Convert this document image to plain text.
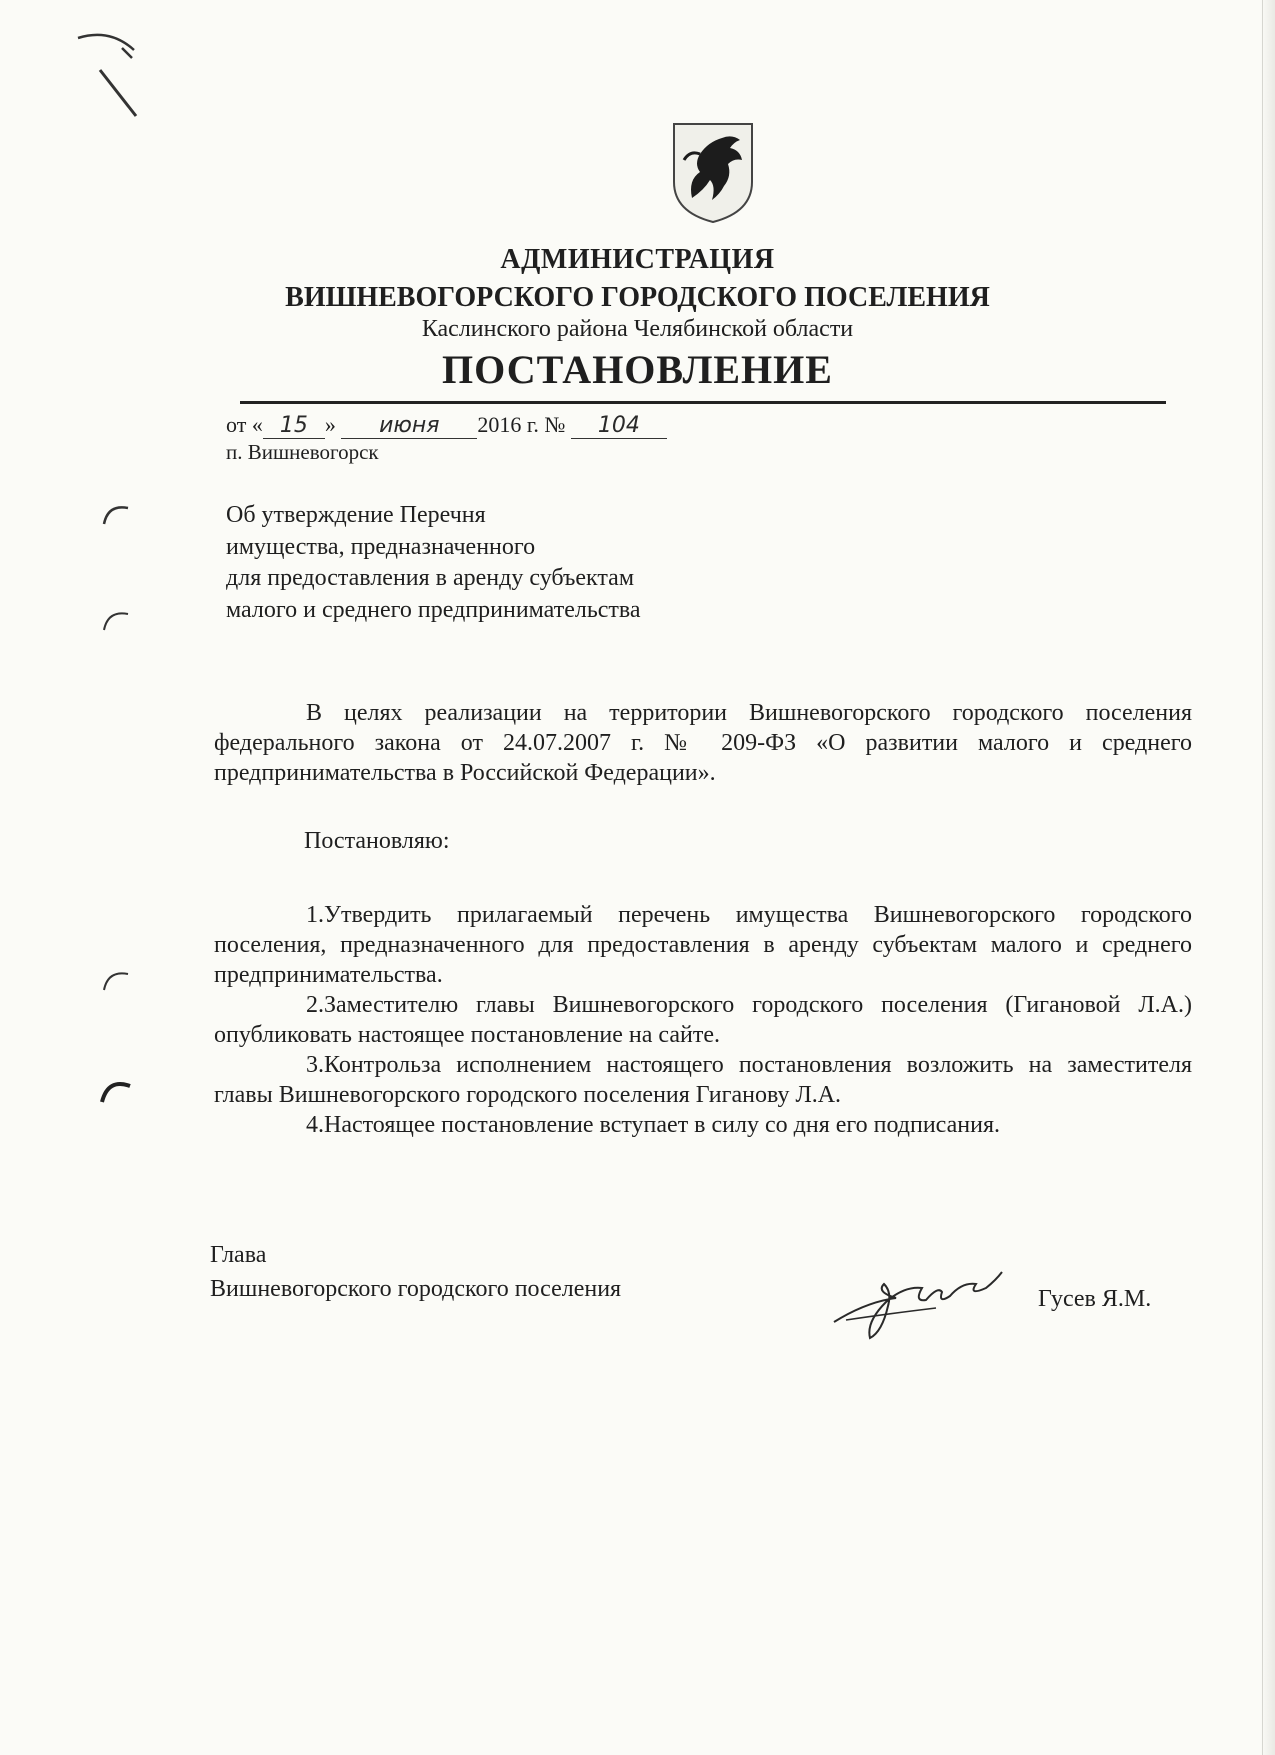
АДМИНИСТРАЦИЯ
ВИШНЕВОГОРСКОГО ГОРОДСКОГО ПОСЕЛЕНИЯ
Каслинского района Челябинской области
ПОСТАНОВЛЕНИЕ
от « 15 » июня 2016 г. № 104
п. Вишневогорск
Об утверждение Перечня
имущества, предназначенного
для предоставления в аренду субъектам
малого и среднего предпринимательства
В целях реализации на территории Вишневогорского городского поселения федерального закона от 24.07.2007 г. № 209-ФЗ «О развитии малого и среднего предпринимательства в Российской Федерации».
Постановляю:
1.Утвердить прилагаемый перечень имущества Вишневогорского городского поселения, предназначенного для предоставления в аренду субъектам малого и среднего предпринимательства.
2.Заместителю главы Вишневогорского городского поселения (Гигановой Л.А.) опубликовать настоящее постановление на сайте.
3.Контрольза исполнением настоящего постановления возложить на заместителя главы Вишневогорского городского поселения Гиганову Л.А.
4.Настоящее постановление вступает в силу со дня его подписания.
Глава
Вишневогорского городского поселения	Гусев Я.М.
